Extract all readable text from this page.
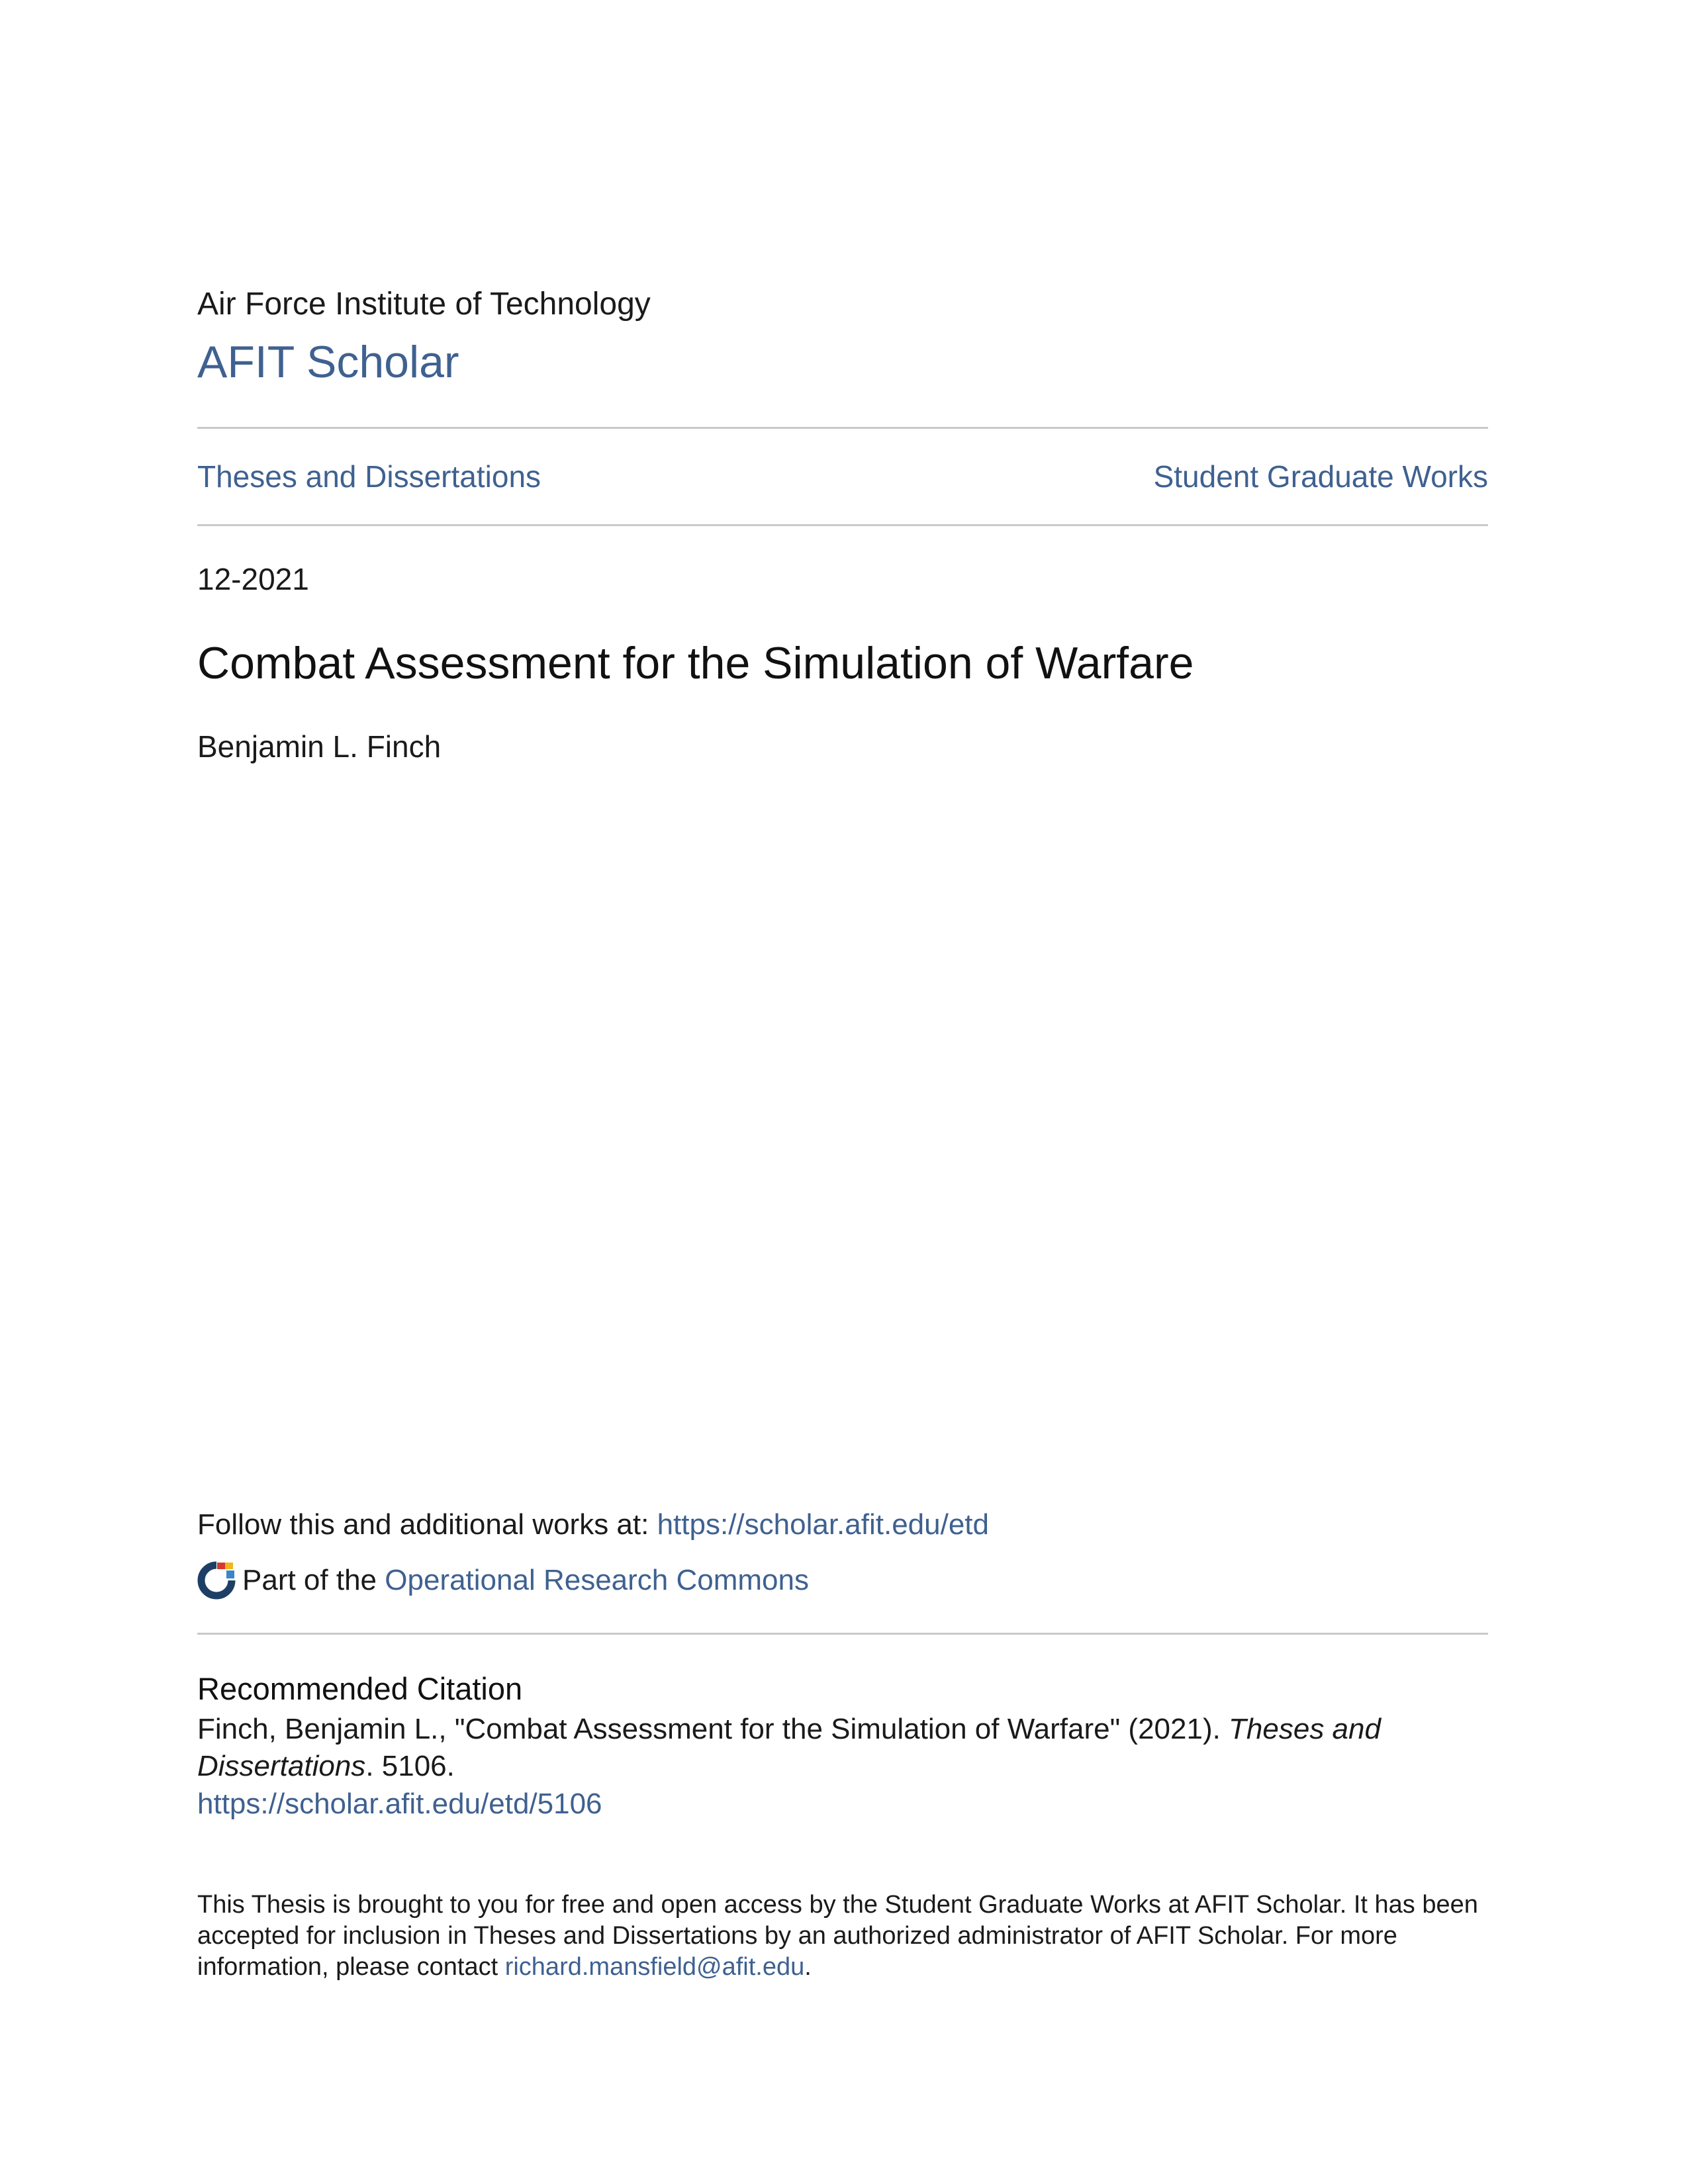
Air Force Institute of Technology
AFIT Scholar
Theses and Dissertations	Student Graduate Works
12-2021
Combat Assessment for the Simulation of Warfare
Benjamin L. Finch
Follow this and additional works at: https://scholar.afit.edu/etd
Part of the
Operational Research Commons
Recommended Citation
Finch, Benjamin L., "Combat Assessment for the Simulation of Warfare" (2021). Theses and Dissertations. 5106.
https://scholar.afit.edu/etd/5106
This Thesis is brought to you for free and open access by the Student Graduate Works at AFIT Scholar. It has been accepted for inclusion in Theses and Dissertations by an authorized administrator of AFIT Scholar. For more information, please contact richard.mansfield@afit.edu.
